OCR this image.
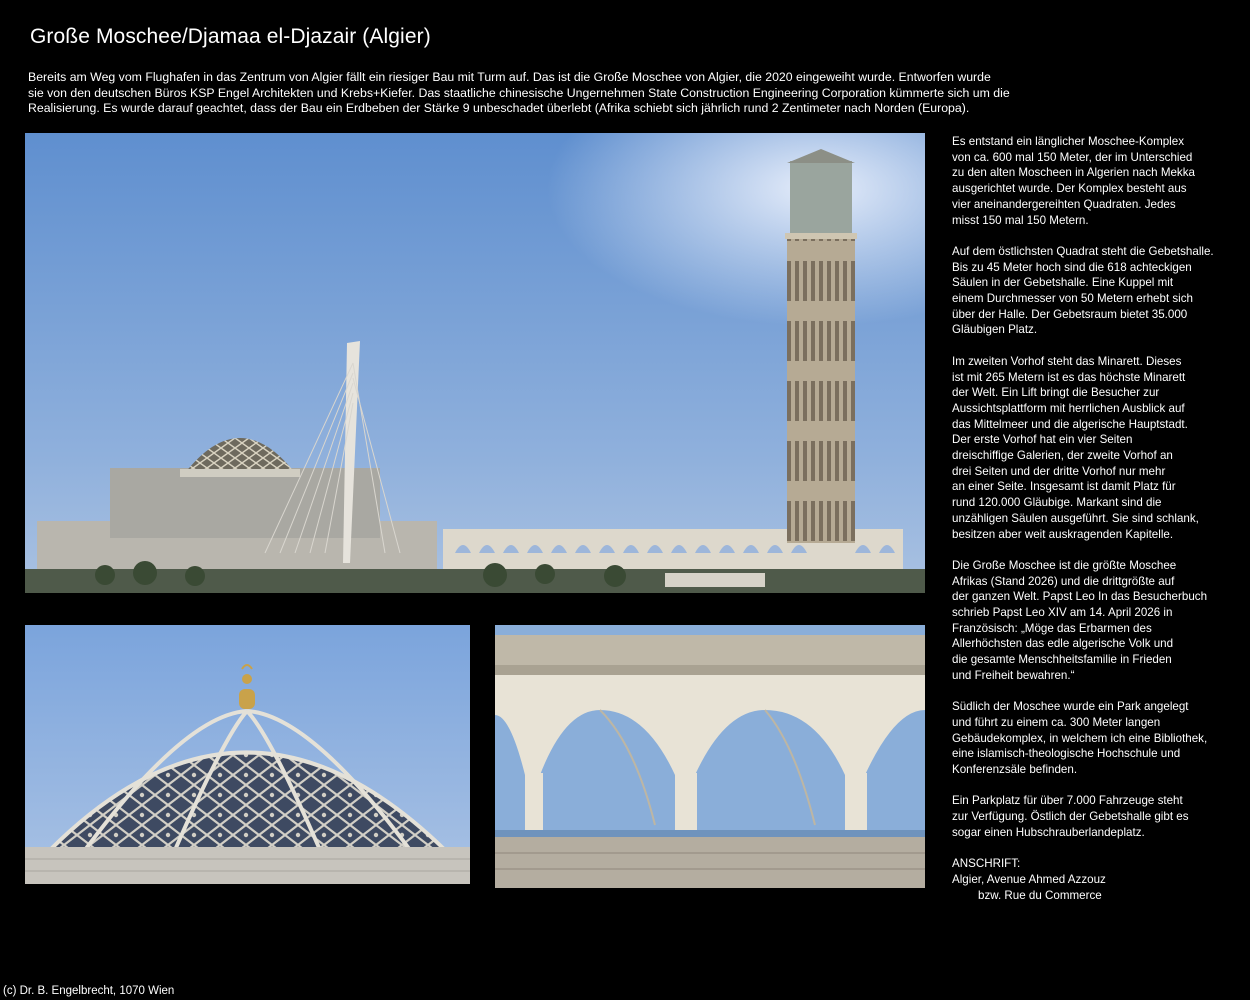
Große Moschee/Djamaa el-Djazair (Algier)
Bereits am Weg vom Flughafen in das Zentrum von Algier fällt ein riesiger Bau mit Turm auf. Das ist die Große Moschee von Algier, die 2020 eingeweiht wurde. Entworfen wurde
sie von den deutschen Büros KSP Engel Architekten und Krebs+Kiefer. Das staatliche chinesische Ungernehmen State Construction Engineering Corporation kümmerte sich um die
Realisierung. Es wurde darauf geachtet, dass der Bau ein Erdbeben der Stärke 9 unbeschadet überlebt (Afrika schiebt sich jährlich rund 2 Zentimeter nach Norden (Europa).

Es entstand ein länglicher Moschee-Komplex
von ca. 600 mal 150 Meter, der im Unterschied
zu den alten Moscheen in Algerien nach Mekka
ausgerichtet wurde. Der Komplex besteht aus
vier aneinandergereihten Quadraten. Jedes
misst 150 mal 150 Metern.

Auf dem östlichsten Quadrat steht die Gebetshalle.
Bis zu 45 Meter hoch sind die 618 achteckigen
Säulen in der Gebetshalle. Eine Kuppel mit
einem Durchmesser von 50 Metern erhebt sich
über der Halle. Der Gebetsraum bietet 35.000
Gläubigen Platz.

Im zweiten Vorhof steht das Minarett. Dieses
ist mit 265 Metern ist es das höchste Minarett
der Welt. Ein Lift bringt die Besucher zur
Aussichtsplattform mit herrlichen Ausblick auf
das Mittelmeer und die algerische Hauptstadt.
Der erste Vorhof hat ein vier Seiten
dreischiffige Galerien, der zweite Vorhof an
drei Seiten und der dritte Vorhof nur mehr
an einer Seite. Insgesamt ist damit Platz für
rund 120.000 Gläubige. Markant sind die
unzähligen Säulen ausgeführt. Sie sind schlank,
besitzen aber weit auskragenden Kapitelle.

Die Große Moschee ist die größte Moschee
Afrikas (Stand 2026) und die drittgrößte auf
der ganzen Welt. Papst Leo In das Besucherbuch
schrieb Papst Leo XIV am 14. April 2026 in
Französisch: „Möge das Erbarmen des
Allerhöchsten das edle algerische Volk und
die gesamte Menschheitsfamilie in Frieden
und Freiheit bewahren.“

Südlich der Moschee wurde ein Park angelegt
und führt zu einem ca. 300 Meter langen
Gebäudekomplex, in welchem ich eine Bibliothek,
eine islamisch-theologische Hochschule und
Konferenzsäle befinden.

Ein Parkplatz für über 7.000 Fahrzeuge steht
zur Verfügung. Östlich der Gebetshalle gibt es
sogar einen Hubschrauberlandeplatz.

ANSCHRIFT:
Algier, Avenue Ahmed Azzouz
bzw. Rue du Commerce

(c) Dr. B. Engelbrecht, 1070 Wien
